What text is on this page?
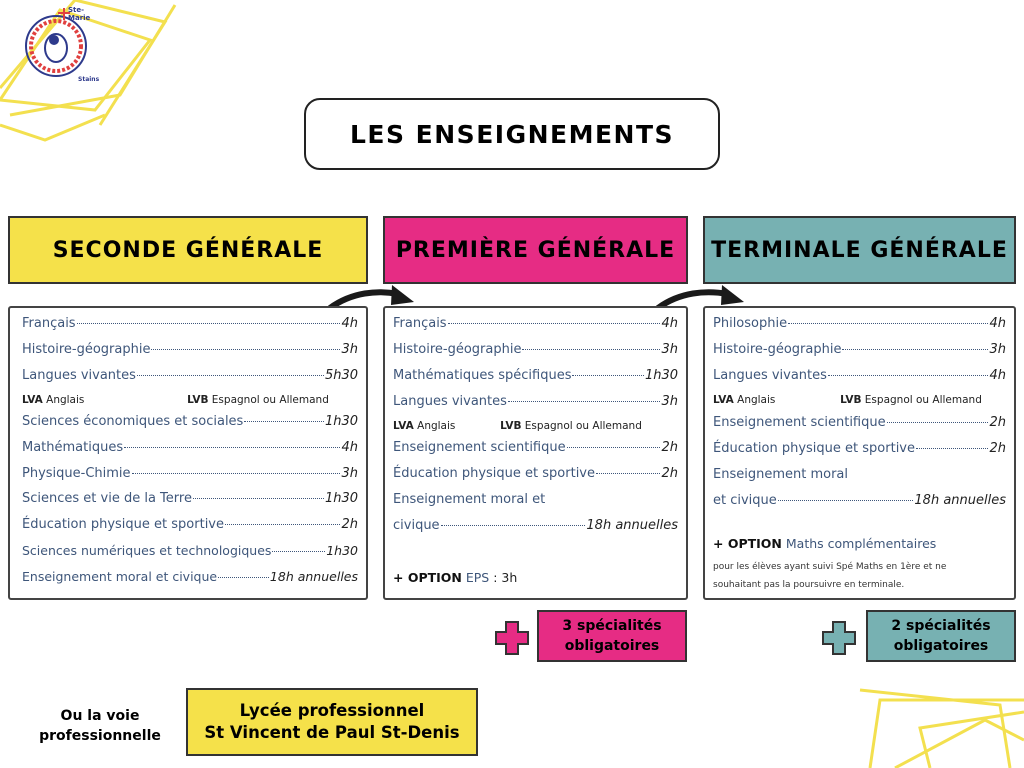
Ste-Marie
Stains
LES ENSEIGNEMENTS
SECONDE GÉNÉRALE	PREMIÈRE GÉNÉRALE	TERMINALE GÉNÉRALE
Français	4h
Histoire-géographie	3h
Langues vivantes	5h30
LVA Anglais	LVB Espagnol ou Allemand
Sciences économiques et sociales	1h30
Mathématiques	4h
Physique-Chimie	3h
Sciences et vie de la Terre	1h30
Éducation physique et sportive	2h
Sciences numériques et technologiques	1h30
Enseignement moral et civique	18h annuelles
Français	4h
Histoire-géographie	3h
Mathématiques spécifiques	1h30
Langues vivantes	3h
LVA Anglais	LVB Espagnol ou Allemand
Enseignement scientifique	2h
Éducation physique et sportive	2h
Enseignement moral et
civique	18h annuelles
+ OPTION EPS : 3h
Philosophie	4h
Histoire-géographie	3h
Langues vivantes	4h
LVA Anglais	LVB Espagnol ou Allemand
Enseignement scientifique	2h
Éducation physique et sportive	2h
Enseignement moral
et civique	18h annuelles
+ OPTION Maths complémentaires
pour les élèves ayant suivi Spé Maths en 1ère et ne
souhaitant pas la poursuivre en terminale.
3 spécialités
obligatoires
2 spécialités
obligatoires
Ou la voie
professionnelle
Lycée professionnel
St Vincent de Paul St-Denis
